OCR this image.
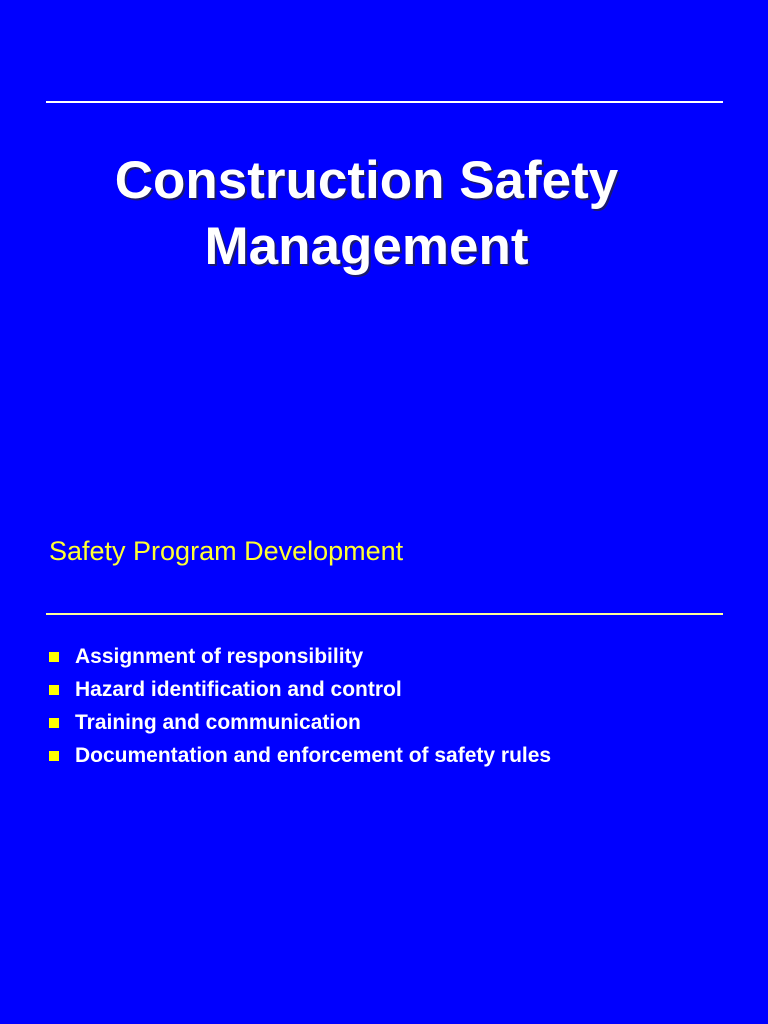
Construction Safety
Management

Safety Program Development

Assignment of responsibility
Hazard identification and control
Training and communication
Documentation and enforcement of safety rules
